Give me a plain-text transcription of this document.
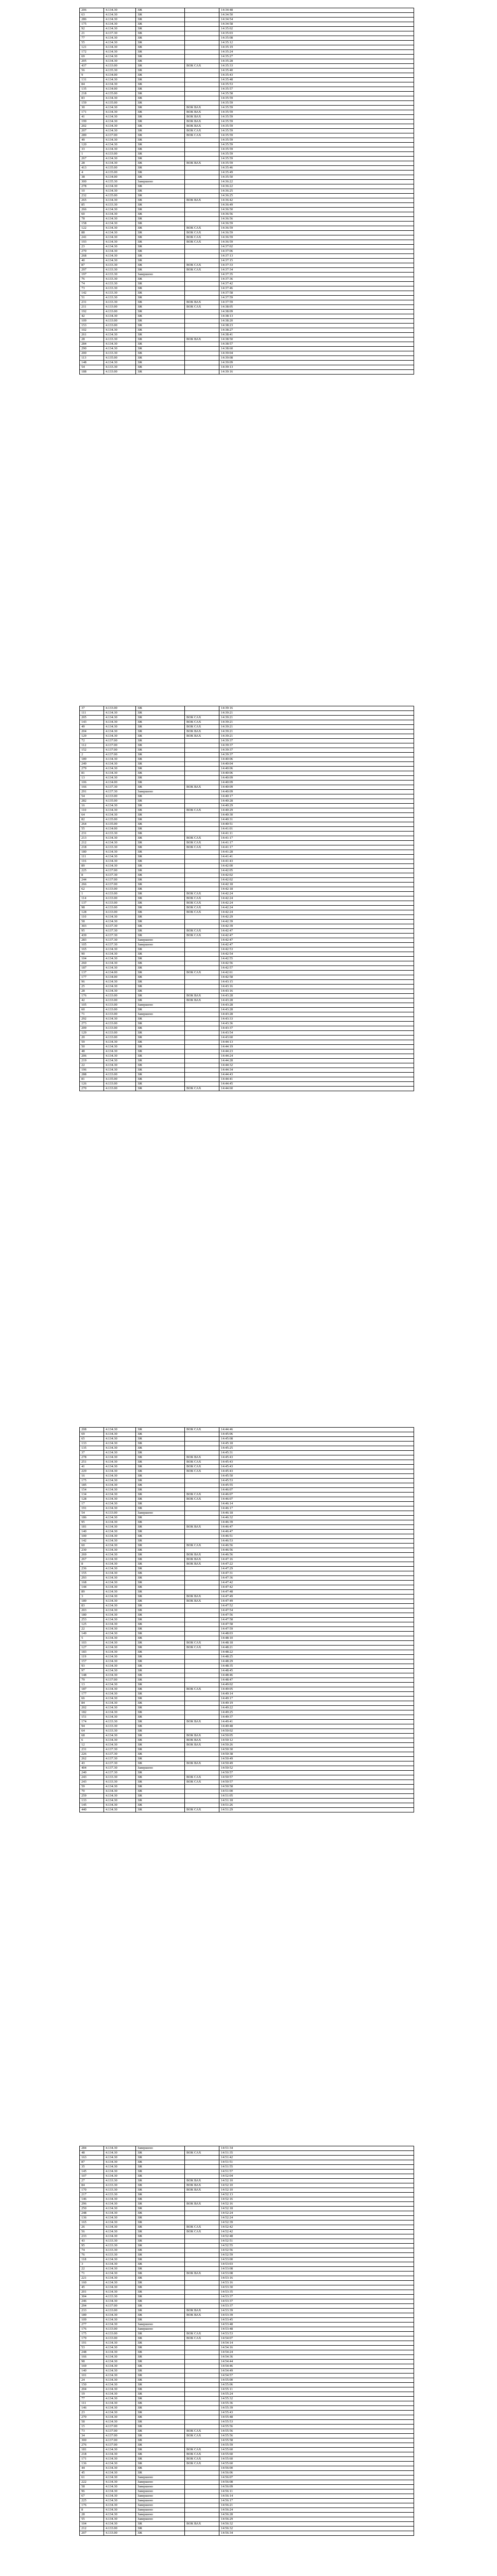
206	4.134.30	ЗЖ		14:34:48
63	4.134.30	ЗЖ		14:34:50
286	4.134.30	ЗЖ		14:34:54
175	4.134.30	ЗЖ		14:34:58
92	4.134.30	ЗЖ		14:35:02
21	4.137.30	ЗЖ		14:35:03
77	4.134.30	ЗЖ		14:35:08
55	4.134.30	ЗЖ		14:35:12
121	4.134.30	ЗЖ		14:35:19
172	4.134.30	ЗЖ		14:35:24
69	4.134.30	ЗЖ		14:35:27
205	4.134.30	ЗЖ		14:35:28
437	4.133.00	ЗЖ	ВОК САХ	14:35:33
56	4.135.30	ЗЖ		14:35:40
9	4.134.00	ЗЖ		14:35:43
131	4.134.30	ЗЖ		14:35:48
84	4.134.30	ЗЖ		14:35:53
135	4.134.00	ЗЖ		14:35:57
218	4.135.00	ЗЖ		14:35:58
83	4.134.30	ЗЖ		14:35:59
159	4.135.00	ЗЖ		14:35:59
30	4.134.30	ЗЖ	ВОК ВАХ	14:35:59
171	4.134.30	ЗЖ	ВОК ВАХ	14:35:59
41	4.134.30	ЗЖ	ВОК ВАХ	14:35:59
199	4.134.30	ЗЖ	ВОК ВАХ	14:35:59
202	4.134.30	ЗЖ	ВОК ВАХ	14:35:59
207	4.134.30	ЗЖ	ВОК САХ	14:35:59
289	4.137.00	ЗЖ	ВОК САХ	14:35:59
49	4.134.30	ЗЖ		14:35:59
120	4.134.30	ЗЖ		14:35:59
33	4.134.30	ЗЖ		14:35:59
1	4.133.00	ЗЖ		14:35:59
267	4.134.30	ЗЖ		14:35:59
28	4.134.30	ЗЖ	ВОК ВАХ	14:35:59
413	4.135.00	ЗЖ		14:35:46
4	4.135.00	ЗЖ		14:35:49
38	4.134.00	ЗЖ		14:35:50
300	4.135.30	Завершено		14:36:22
278	4.134.30	ЗЖ		14:36:22
10	4.134.30	ЗЖ		14:36:25
232	4.135.00	ЗЖ		14:36:25
265	4.134.30	ЗЖ	ВОК ВАХ	14:36:42
85	4.133.30	ЗЖ		14:36:49
266	4.134.30	ЗЖ		14:36:50
60	4.134.30	ЗЖ		14:36:56
78	4.134.30	ЗЖ		14:36:56
158	4.134.30	ЗЖ		14:36:59
122	4.134.30	ЗЖ	ВОК САХ	14:36:59
88	4.134.30	ЗЖ	ВОК САХ	14:36:59
241	4.134.30	ЗЖ	ВОК САХ	14:36:59
193	4.134.30	ЗЖ	ВОК САХ	14:36:59
23	4.134.30	ЗЖ		14:37:02
270	4.134.30	ЗЖ		14:37:06
268	4.134.30	ЗЖ		14:37:13
40	4.134.30	ЗЖ		14:37:15
87	4.133.30	ЗЖ	ВОК САХ	14:37:33
297	4.133.30	ЗЖ	ВОК САХ	14:37:34
197	4.133.30	Завершено		14:37:35
76	4.133.30	ЗЖ		14:37:36
74	4.133.30	ЗЖ		14:37:42
73	4.133.30	ЗЖ		14:37:46
142	4.133.30	ЗЖ		14:37:58
51	4.133.30	ЗЖ		14:37:59
231	4.133.30	ЗЖ	ВОК ВАХ	14:37:59
211	4.133.00	ЗЖ	ВОК САХ	14:38:05
192	4.133.00	ЗЖ		14:38:09
42	4.134.30	ЗЖ		14:38:13
109	4.133.00	ЗЖ		14:38:20
153	4.133.00	ЗЖ		14:38:23
102	4.134.30	ЗЖ		14:38:27
261	4.134.30	ЗЖ		14:38:41
28	4.133.30	ЗЖ	ВОК ВАХ	14:38:50
284	4.134.30	ЗЖ		14:38:57
290	4.134.30	ЗЖ		14:38:60
200	4.133.30	ЗЖ		14:39:04
113	4.135.00	ЗЖ		14:39:08
148	4.134.30	ЗЖ		14:39:09
54	4.133.30	ЗЖ		14:39:13
188	4.133.00	ЗЖ		14:39:16
37	4.133.00	ЗЖ		14:39:16
111	4.134.30	ЗЖ		14:39:21
205	4.134.30	ЗЖ	ВОК САХ	14:39:21
143	4.134.30	ЗЖ	ВОК САХ	14:39:21
49	4.134.30	ЗЖ	ВОК САХ	14:39:21
204	4.134.30	ЗЖ	ВОК ВАХ	14:39:21
129	4.134.30	ЗЖ	ВОК ВАХ	14:39:21
72	4.137.00	ЗЖ		14:39:37
112	4.137.00	ЗЖ		14:39:37
152	4.137.00	ЗЖ		14:39:37
2	4.137.00	ЗЖ		14:39:37
189	4.134.30	ЗЖ		14:40:06
249	4.134.30	ЗЖ		14:40:04
279	4.134.30	ЗЖ		14:40:06
81	4.134.30	ЗЖ		14:40:06
13	4.134.30	ЗЖ		14:40:09
106	4.134.00	ЗЖ		14:40:09
166	4.137.30	ЗЖ	ВОК ВАХ	14:40:09
291	4.137.30	Завершено		14:40:09
54	4.133.00	ЗЖ		14:40:17
282	4.135.00	ЗЖ		14:40:28
16	4.134.30	ЗЖ		14:40:29
110	4.134.30	ЗЖ	ВОК САХ	14:40:29
64	4.134.30	ЗЖ		14:40:30
82	4.135.00	ЗЖ		14:40:31
264	4.135.00	ЗЖ		14:40:51
55	4.134.00	ЗЖ		14:41:01
231	4.133.30	ЗЖ		14:41:11
213	4.134.30	ЗЖ	ВОК САХ	14:41:17
212	4.134.30	ЗЖ	ВОК САХ	14:41:17
218	4.133.30	ЗЖ	ВОК САХ	14:41:17
180	4.134.30	ЗЖ		14:41:28
111	4.134.30	ЗЖ		14:41:41
116	4.134.30	ЗЖ		14:41:43
89	4.134.30	ЗЖ		14:42:00
225	4.137.00	ЗЖ		14:42:05
8	4.137.30	ЗЖ		14:42:02
244	4.137.00	ЗЖ		14:42:02
266	4.137.00	ЗЖ		14:42:18
62	4.133.00	ЗЖ		14:42:18
1	4.133.00	ЗЖ	ВОК САХ	14:42:24
114	4.133.00	ЗЖ	ВОК САХ	14:42:24
137	4.133.00	ЗЖ	ВОК САХ	14:42:24
98	4.133.00	ЗЖ	ВОК САХ	14:42:24
128	4.133.00	ЗЖ	ВОК САХ	14:42:24
110	4.134.30	ЗЖ		14:42:29
58	4.134.30	ЗЖ		14:42:39
303	4.137.30	ЗЖ		14:42:39
95	4.137.30	ЗЖ	ВОК САХ	14:42:47
439	4.137.30	ЗЖ	ВОК САХ	14:42:47
283	4.137.30	Завершено		14:42:47
105	4.137.30	Завершено		14:42:47
165	4.134.30	ЗЖ		14:42:53
90	4.134.30	ЗЖ		14:42:54
104	4.134.30	ЗЖ		14:42:55
260	4.134.30	ЗЖ		14:42:56
187	4.134.30	ЗЖ		14:42:57
137	4.134.00	ЗЖ	ВОК САХ	14:42:61
177	4.134.00	ЗЖ		14:42:58
96	4.134.30	ЗЖ		14:43:15
25	4.134.30	ЗЖ		14:43:16
28	4.134.30	ЗЖ		14:43:16
176	4.133.00	ЗЖ	ВОК ВАХ	14:43:28
42	4.133.00	ЗЖ	ВОК ВАХ	14:43:28
105	4.133.00	Завершено		14:43:28
60	4.133.00	ЗЖ		14:43:28
71	4.133.00	Завершено		14:43:28
292	4.134.30	ЗЖ		14:43:33
273	4.133.00	ЗЖ		14:43:36
209	4.133.00	ЗЖ		14:43:37
129	4.133.00	ЗЖ		14:43:54
20	4.133.00	ЗЖ		14:43:60
59	4.134.30	ЗЖ		14:44:13
50	4.134.30	ЗЖ		14:44:19
48	4.134.30	ЗЖ		14:44:23
206	4.134.30	ЗЖ		14:44:24
219	4.134.30	ЗЖ		14:44:28
22	4.134.30	ЗЖ		14:44:32
196	4.134.30	ЗЖ		14:44:34
288	4.133.00	ЗЖ		14:44:43
81	4.135.00	ЗЖ		14:44:41
126	4.133.00	ЗЖ		14:44:45
270	4.133.00	ЗЖ	ВОК САХ	14:44:60
208	4.134.30	ЗЖ	ВОК САХ	14:44:46
69	4.134.30	ЗЖ		14:45:06
65	4.134.30	ЗЖ		14:45:08
133	4.134.30	ЗЖ		14:45:18
135	4.134.30	ЗЖ		14:45:25
37	4.134.30	ЗЖ		14:45:31
278	4.134.30	ЗЖ	ВОК ВАХ	14:45:43
251	4.134.30	ЗЖ	ВОК САХ	14:45:43
41	4.134.30	ЗЖ	ВОК САХ	14:45:43
229	4.134.30	ЗЖ	ВОК САХ	14:45:43
16	4.134.30	ЗЖ		14:45:50
175	4.134.30	ЗЖ		14:45:53
185	4.134.30	ЗЖ		14:45:55
154	4.134.30	ЗЖ		14:46:07
134	4.134.30	ЗЖ	ВОК САХ	14:46:07
128	4.134.30	ЗЖ	ВОК САХ	14:46:07
17	4.134.30	ЗЖ		14:46:14
191	4.134.30	ЗЖ		14:46:17
54	4.133.00	Завершено		14:46:18
186	4.134.30	ЗЖ		14:46:32
95	4.134.30	ЗЖ		14:46:39
181	4.134.30	ЗЖ	ВОК ВАХ	14:46:47
140	4.134.30	ЗЖ		14:46:47
100	4.134.30	ЗЖ		14:46:51
142	4.134.30	ЗЖ		14:46:53
60	4.134.30	ЗЖ	ВОК САХ	14:46:56
230	4.134.30	ЗЖ		14:46:56
269	4.134.30	ЗЖ	ВОК ВАХ	14:46:56
267	4.134.30	ЗЖ	ВОК ВАХ	14:47:16
8	4.134.30	ЗЖ	ВОК ВАХ	14:47:22
236	4.134.30	ЗЖ		14:47:29
155	4.134.30	ЗЖ		14:47:31
293	4.134.30	ЗЖ		14:47:36
168	4.134.30	ЗЖ		14:47:42
144	4.134.30	ЗЖ		14:47:42
89	4.134.30	ЗЖ		14:47:48
3	4.134.30	ЗЖ	ВОК ВАХ	14:47:49
189	4.134.30	ЗЖ	ВОК ВАХ	14:47:49
83	4.134.30	ЗЖ		14:47:52
203	4.134.30	ЗЖ		14:47:54
180	4.134.30	ЗЖ		14:47:56
253	4.134.30	ЗЖ		14:47:58
125	4.134.30	ЗЖ		14:47:58
22	4.134.30	ЗЖ		14:47:59
149	4.134.30	ЗЖ		14:48:03
5	4.134.30	ЗЖ		14:48:10
103	4.134.30	ЗЖ	ВОК САХ	14:48:18
127	4.134.30	ЗЖ	ВОК САХ	14:48:21
183	4.134.30	ЗЖ		14:48:22
119	4.134.30	ЗЖ		14:48:25
157	4.134.30	ЗЖ		14:48:29
93	4.134.30	ЗЖ		14:48:35
97	4.134.30	ЗЖ		14:48:45
148	4.134.30	ЗЖ		14:48:46
79	4.137.00	ЗЖ		14:48:47
13	4.134.30	ЗЖ		14:49:02
187	4.134.30	ЗЖ	ВОК САХ	14:49:05
177	4.134.30	ЗЖ		14:49:14
66	4.134.30	ЗЖ		14:49:17
84	4.134.30	ЗЖ		14:49:19
202	4.134.30	ЗЖ		14:49:22
182	4.134.30	ЗЖ		14:49:25
151	4.134.30	ЗЖ		14:49:37
174	4.133.30	ЗЖ	ВОК ВАХ	14:49:41
94	4.133.30	ЗЖ		14:49:48
64	4.133.30	ЗЖ		14:50:02
68	4.134.30	ЗЖ	ВОК ВАХ	14:50:05
6	4.134.30	ЗЖ	ВОК ВАХ	14:50:12
12	4.134.30	ЗЖ	ВОК ВАХ	14:50:26
231	4.137.30	ЗЖ		14:50:30
226	4.137.30	ЗЖ		14:50:38
262	4.137.30	ЗЖ		14:50:49
43	4.137.30	ЗЖ	ВОК ВАХ	14:50:49
404	4.137.30	Завершено		14:50:52
240	4.137.30	ЗЖ		14:50:57
243	4.133.30	ЗЖ	ВОК САХ	14:50:57
243	4.133.30	ЗЖ	ВОК САХ	14:50:57
59	4.134.30	ЗЖ		14:50:58
70	4.134.30	ЗЖ		14:51:00
259	4.134.30	ЗЖ		14:51:05
133	4.134.30	ЗЖ		14:51:18
145	4.134.30	ЗЖ		14:51:26
440	4.134.30	ЗЖ	ВОК САХ	14:51:29
284	4.134.30	Завершено		14:51:34
48	4.134.30	ЗЖ	ВОК САХ	14:51:35
163	4.134.30	ЗЖ		14:51:42
87	4.134.30	ЗЖ		14:51:51
35	4.134.30	ЗЖ		14:51:55
145	4.134.30	ЗЖ		14:51:57
107	4.134.30	ЗЖ		14:52:04
27	4.133.30	ЗЖ	ВОК ВАХ	14:52:10
84	4.133.30	ЗЖ	ВОК ВАХ	14:52:10
170	4.133.30	ЗЖ	ВОК ВАХ	14:52:10
217	4.133.30	ЗЖ		14:52:13
146	4.134.30	ЗЖ		14:52:16
296	4.134.30	ЗЖ	ВОК ВАХ	14:52:16
250	4.134.30	ЗЖ		14:52:18
248	4.134.30	ЗЖ		14:52:24
136	4.134.30	ЗЖ		14:52:24
165	4.134.30	ЗЖ		14:52:39
26	4.134.30	ЗЖ	ВОК САХ	14:52:42
56	4.134.30	ЗЖ	ВОК САХ	14:52:42
233	4.134.30	ЗЖ		14:52:48
43	4.133.30	ЗЖ		14:52:51
95	4.133.30	ЗЖ		14:52:55
74	4.133.30	ЗЖ		14:52:56
76	4.133.30	ЗЖ		14:52:59
118	4.134.30	ЗЖ		14:53:00
3	4.134.30	ЗЖ		14:53:03
22	4.134.30	ЗЖ		14:53:08
71	4.134.30	ЗЖ	ВОК ВАХ	14:53:08
221	4.134.30	ЗЖ		14:53:16
160	4.134.30	ЗЖ		14:53:16
45	4.134.30	ЗЖ		14:53:30
201	4.134.30	ЗЖ		14:53:35
304	4.133.30	ЗЖ		14:53:37
246	4.134.30	ЗЖ		14:53:37
294	4.137.00	ЗЖ		14:53:37
233	4.133.00	ЗЖ	ВОК ВАХ	14:53:39
189	4.134.30	ЗЖ	ВОК ВАХ	14:53:39
109	4.134.30	ЗЖ		14:53:45
277	4.134.30	Завершено		14:53:48
176	4.133.00	Завершено		14:53:48
175	4.133.00	ЗЖ	ВОК САХ	14:53:53
179	4.133.00	ЗЖ	ВОК САХ	14:54:07
191	4.134.30	ЗЖ		14:54:14
53	4.134.30	ЗЖ		14:54:16
248	4.134.30	ЗЖ		14:54:24
166	4.134.30	ЗЖ		14:54:36
98	4.134.30	ЗЖ		14:54:44
169	4.134.30	ЗЖ		14:54:46
140	4.134.30	ЗЖ		14:54:49
101	4.134.30	ЗЖ		14:54:57
24	4.134.30	ЗЖ		14:55:00
150	4.134.30	ЗЖ		14:55:06
204	4.134.30	ЗЖ		14:55:11
19	4.134.30	ЗЖ		14:55:24
77	4.134.30	ЗЖ		14:55:32
111	4.134.30	ЗЖ		14:55:36
146	4.134.30	ЗЖ		14:55:39
23	4.134.30	ЗЖ		14:55:43
270	4.134.30	ЗЖ		14:55:48
58	4.134.30	ЗЖ		14:55:53
15	4.137.00	ЗЖ		14:55:56
73	4.137.00	ЗЖ	ВОК САХ	14:55:56
34	4.137.00	ЗЖ	ВОК САХ	14:55:56
300	4.137.00	ЗЖ		14:55:58
276	4.137.00	ЗЖ		14:55:59
181	4.134.30	ЗЖ	ВОК САХ	14:55:60
218	4.134.30	ЗЖ	ВОК САХ	14:55:60
171	4.134.30	ЗЖ	ВОК САХ	14:55:60
136	4.134.30	ЗЖ	ВОК САХ	14:55:60
44	4.134.30	ЗЖ		14:56:00
45	4.134.30	ЗЖ		14:56:06
61	4.134.30	Завершено		14:56:07
222	4.134.30	Завершено		14:56:08
58	4.134.30	Завершено		14:56:09
96	4.134.30	Завершено		14:56:11
67	4.134.30	Завершено		14:56:14
225	4.134.30	Завершено		14:56:17
176	4.134.30	Завершено		14:56:21
8	4.134.30	Завершено		14:56:24
28	4.134.30	Завершено		14:56:28
55	4.134.30	Завершено		14:56:29
104	4.134.30	ЗЖ	ВОК ВАХ	14:56:32
212	4.133.00	ЗЖ		14:56:32
207	4.133.00	ЗЖ		14:56:34
